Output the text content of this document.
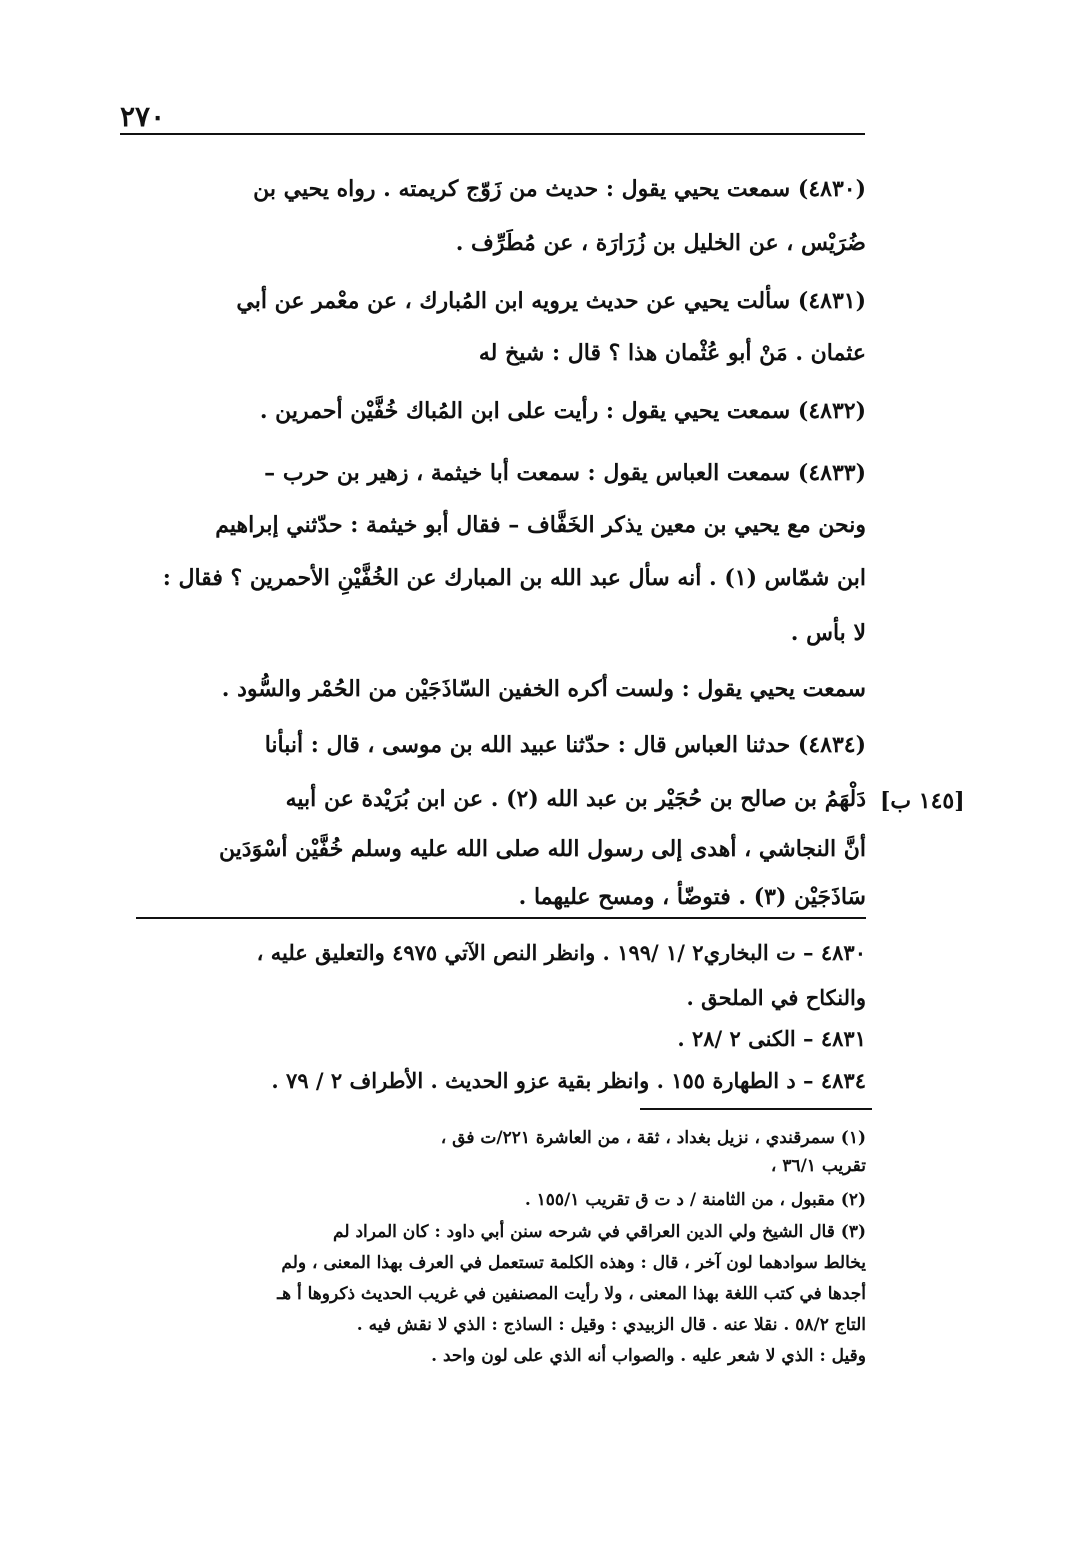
٢٧٠
(٤٨٣٠) سمعت يحيي يقول : حديث من زَوّج كريمته . رواه يحيي بن
ضُرَيْس ، عن الخليل بن زُرَارَة ، عن مُطَرِّف .
(٤٨٣١) سألت يحيي عن حديث يرويه ابن المُبارك ، عن معْمر عن أبي
عثمان . مَنْ أبو عُثْمان هذا ؟ قال : شيخ له
(٤٨٣٢) سمعت يحيي يقول : رأيت على ابن المُباك خُفَّيْن أحمرين .
(٤٨٣٣) سمعت العباس يقول : سمعت أبا خيثمة ، زهير بن حرب –
ونحن مع يحيي بن معين يذكر الخَفَّاف – فقال أبو خيثمة : حدّثني إبراهيم
ابن شمّاس (١) . أنه سأل عبد الله بن المبارك عن الخُفَّيْنِ الأحمرين ؟ فقال :
لا بأس .
سمعت يحيي يقول : ولست أكره الخفين السّاذَجَيْن من الحُمْر والسُّود .
(٤٨٣٤) حدثنا العباس قال : حدّثنا عبيد الله بن موسى ، قال : أنبأنا
دَلْهَمُ بن صالح بن حُجَيْر بن عبد الله (٢) . عن ابن بُرَيْدة عن أبيه
أنَّ النجاشي ، أهدى إلى رسول الله صلى الله عليه وسلم خُفَّيْن أسْوَدَين
سَاذَجَيْن (٣) . فتوضّأ ، ومسح عليهما .
[١٤٥ ب]
٤٨٣٠ – ت البخاري٢ /١ /١٩٩ . وانظر النص الآتي ٤٩٧٥ والتعليق عليه ،
والنكاح في الملحق .
٤٨٣١ – الكنى ٢ /٢٨ .
٤٨٣٤ – د الطهارة ١٥٥ . وانظر بقية عزو الحديث . الأطراف ٢ / ٧٩ .
(١) سمرقندي ، نزيل بغداد ، ثقة ، من العاشرة ٢٢١/ت فق ،
تقريب ٣٦/١ ،
(٢) مقبول ، من الثامنة / د ت ق تقريب ١٥٥/١ .
(٣) قال الشيخ ولي الدين العراقي في شرحه سنن أبي داود : كان المراد لم
يخالط سوادهما لون آخر ، قال : وهذه الكلمة تستعمل في العرف بهذا المعنى ، ولم
أجدها في كتب اللغة بهذا المعنى ، ولا رأيت المصنفين في غريب الحديث ذكروها أ هـ
التاج ٥٨/٢ . نقلا عنه . قال الزبيدي : وقيل : الساذج : الذي لا نقش فيه .
وقيل : الذي لا شعر عليه . والصواب أنه الذي على لون واحد .
